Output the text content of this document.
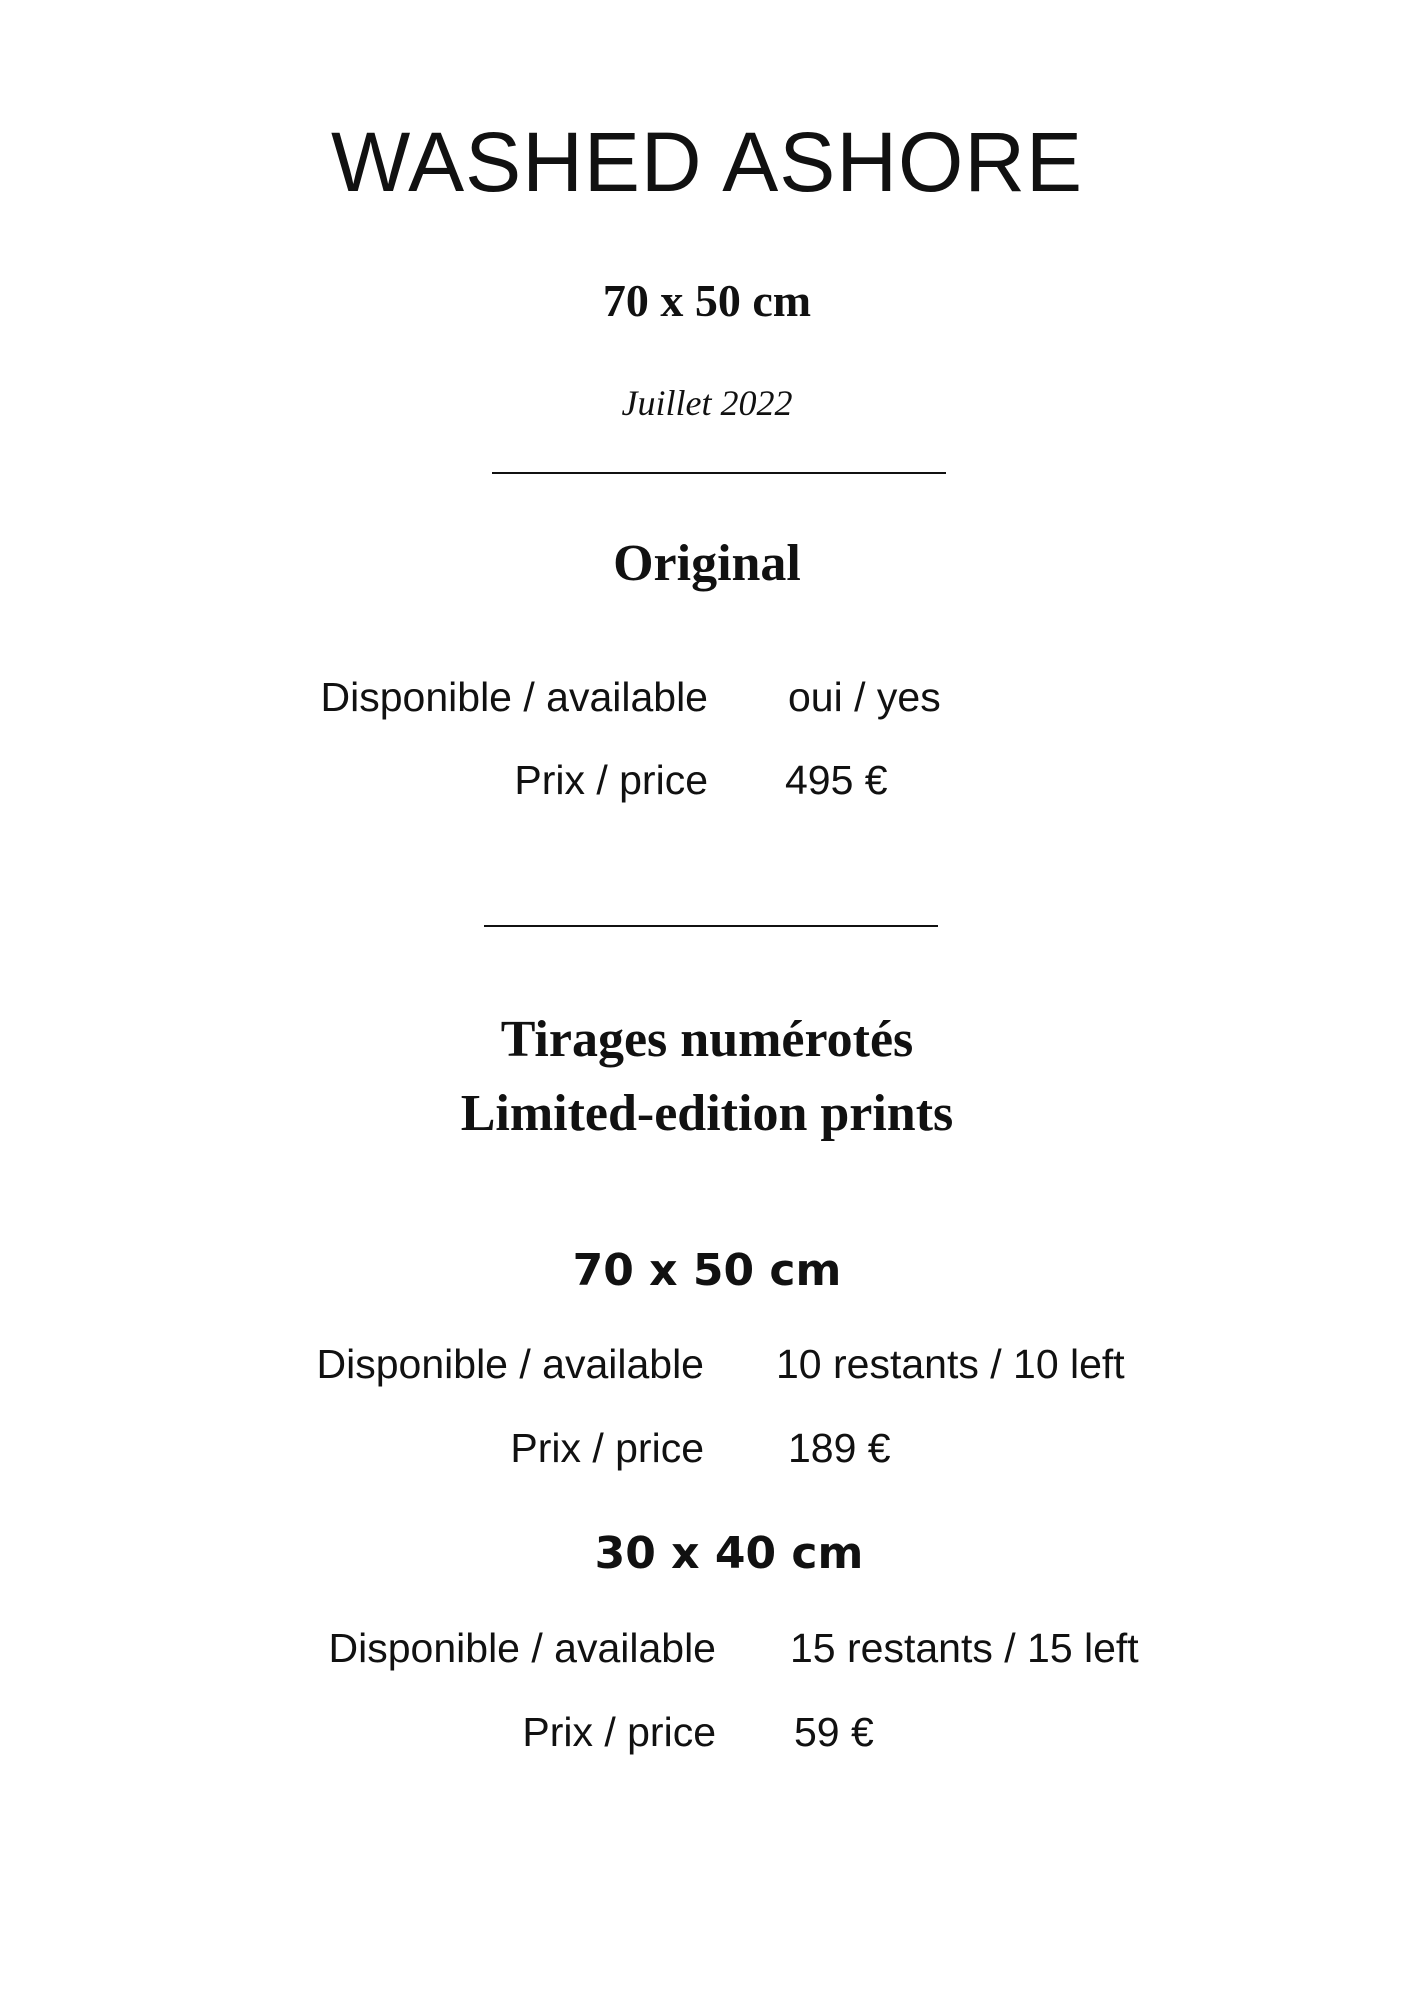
WASHED ASHORE
70 x 50 cm
Juillet 2022
Original
Disponible / available oui / yes
Prix / price 495 €
Tirages numérotés
Limited-edition prints
70 x 50 cm
Disponible / available 10 restants / 10 left
Prix / price 189 €
30 x 40 cm
Disponible / available 15 restants / 15 left
Prix / price 59 €
